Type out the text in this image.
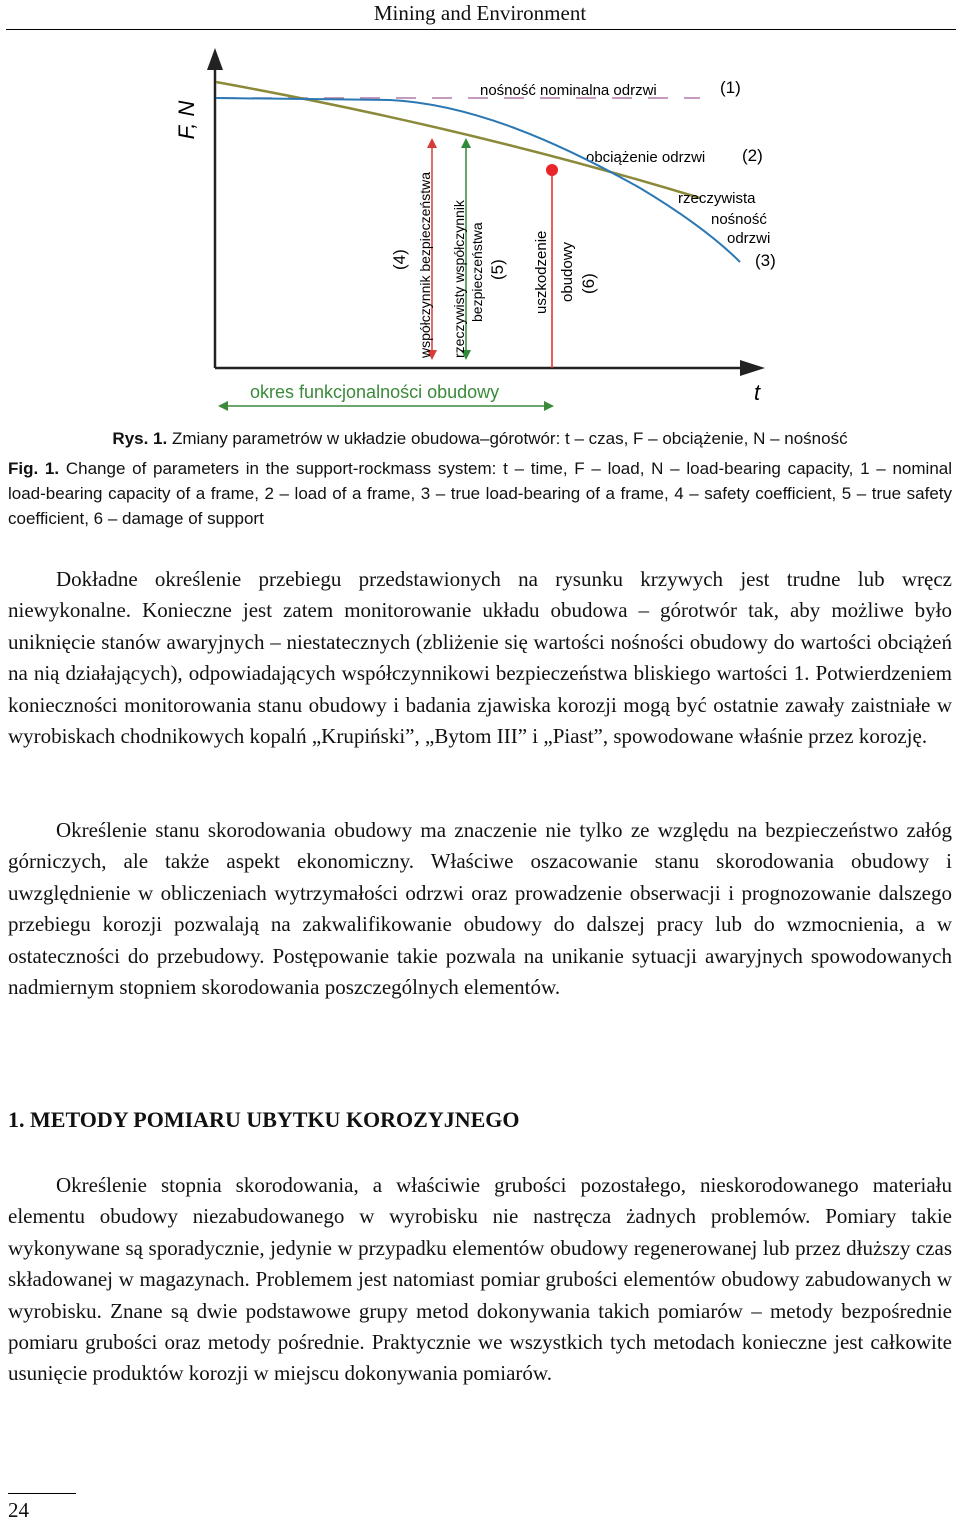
Mining and Environment
F, N
t
nośność nominalna odrzwi	(1)
obciążenie odrzwi (2)
rzeczywista
nośność
odrzwi
(3)
współczynnik bezpieczeństwa
(4)	rzeczywisty współczynnik bezpieczeństwa (5) uszkodzenie obudowy (6)
okres funkcjonalności obudowy

Rys. 1. Zmiany parametrów w układzie obudowa–górotwór: t – czas, F – obciążenie, N – nośność

Fig. 1. Change of parameters in the support-rockmass system: t – time, F – load, N – load-bearing capacity, 1 – nominal load-bearing capacity of a frame, 2 – load of a frame, 3 – true load-bearing of a frame, 4 – safety coefficient, 5 – true safety coefficient, 6 – damage of support

Dokładne określenie przebiegu przedstawionych na rysunku krzywych jest trudne lub wręcz niewykonalne. Konieczne jest zatem monitorowanie układu obudowa – górotwór tak, aby możliwe było uniknięcie stanów awaryjnych – niestatecznych (zbliżenie się wartości nośności obudowy do wartości obciążeń na nią działających), odpowiadających współczynnikowi bezpieczeństwa bliskiego wartości 1. Potwierdzeniem konieczności monitorowania stanu obudowy i badania zjawiska korozji mogą być ostatnie zawały zaistniałe w wyrobiskach chodnikowych kopalń „Krupiński”, „Bytom III” i „Piast”, spowodowane właśnie przez korozję.

Określenie stanu skorodowania obudowy ma znaczenie nie tylko ze względu na bezpieczeństwo załóg górniczych, ale także aspekt ekonomiczny. Właściwe oszacowanie stanu skorodowania obudowy i uwzględnienie w obliczeniach wytrzymałości odrzwi oraz prowadzenie obserwacji i prognozowanie dalszego przebiegu korozji pozwalają na zakwalifikowanie obudowy do dalszej pracy lub do wzmocnienia, a w ostateczności do przebudowy. Postępowanie takie pozwala na unikanie sytuacji awaryjnych spowodowanych nadmiernym stopniem skorodowania poszczególnych elementów.

1. METODY POMIARU UBYTKU KOROZYJNEGO

Określenie stopnia skorodowania, a właściwie grubości pozostałego, nieskorodowanego materiału elementu obudowy niezabudowanego w wyrobisku nie nastręcza żadnych problemów. Pomiary takie wykonywane są sporadycznie, jedynie w przypadku elementów obudowy regenerowanej lub przez dłuższy czas składowanej w magazynach. Problemem jest natomiast pomiar grubości elementów obudowy zabudowanych w wyrobisku. Znane są dwie podstawowe grupy metod dokonywania takich pomiarów – metody bezpośrednie pomiaru grubości oraz metody pośrednie. Praktycznie we wszystkich tych metodach konieczne jest całkowite usunięcie produktów korozji w miejscu dokonywania pomiarów.

24
